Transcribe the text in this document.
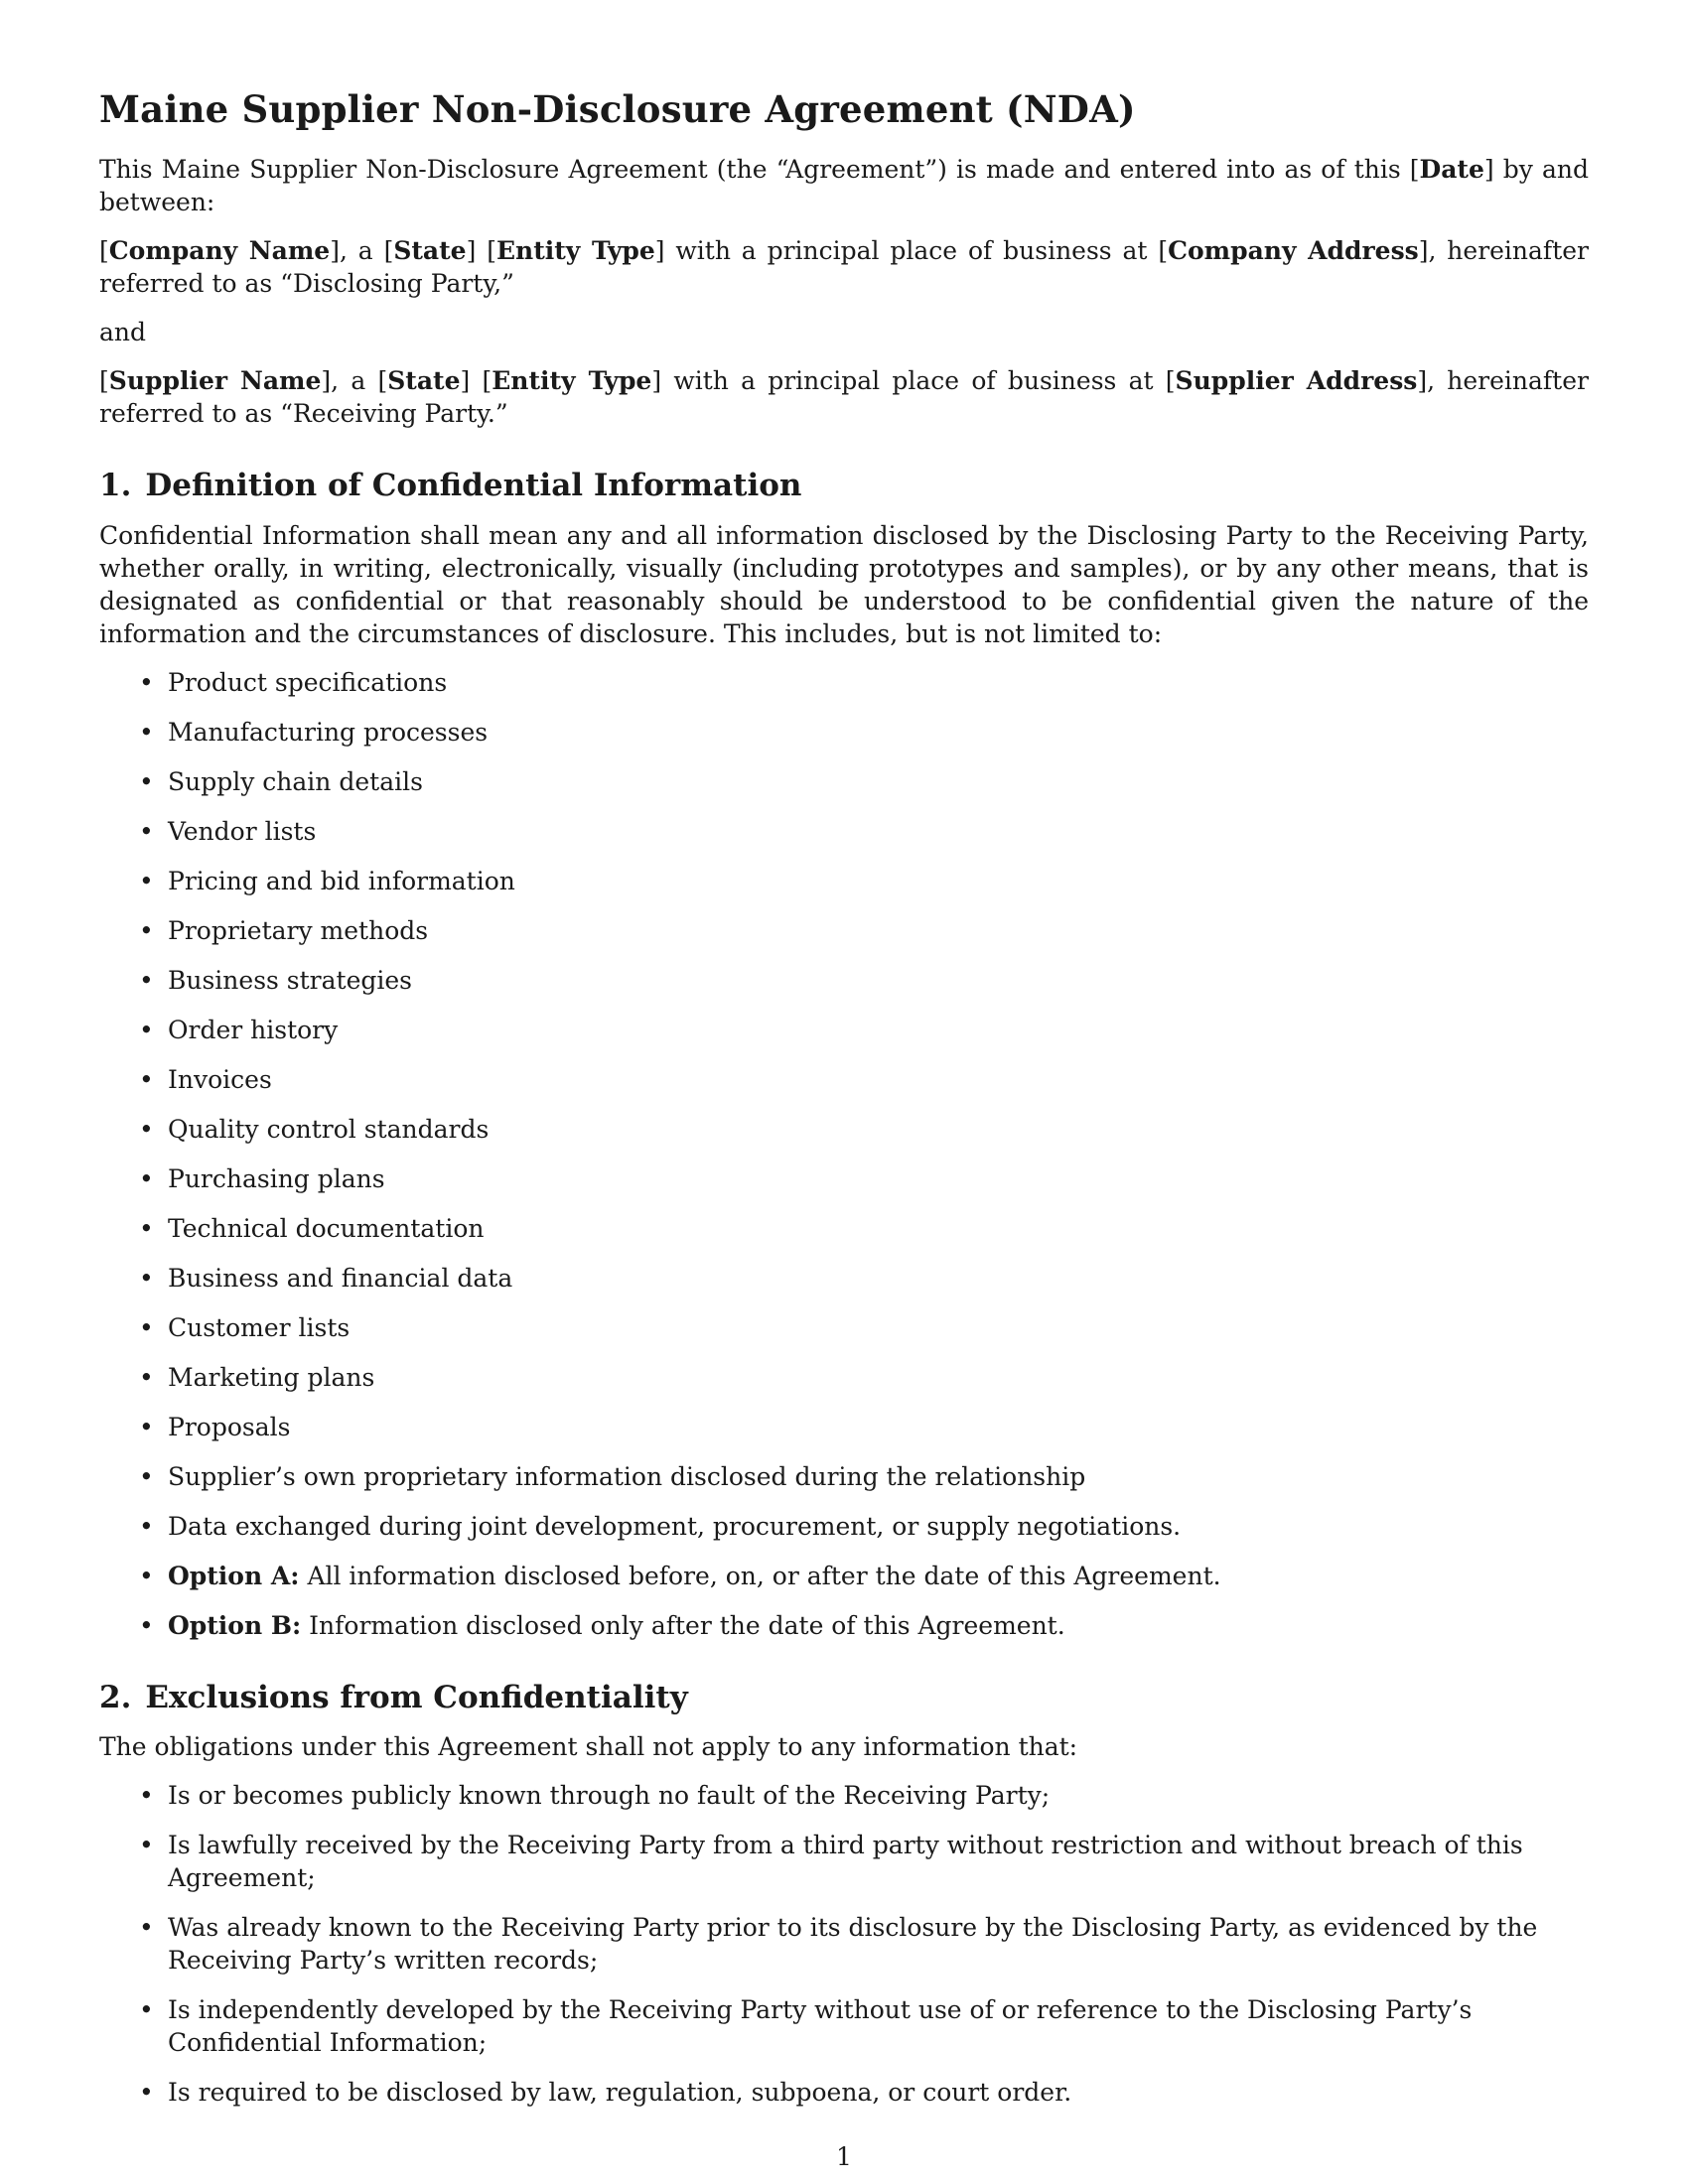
Maine Supplier Non-Disclosure Agreement (NDA)

This Maine Supplier Non-Disclosure Agreement (the “Agreement”) is made and entered into as of this [Date] by and between:

[Company Name], a [State] [Entity Type] with a principal place of business at [Company Address], hereinafter referred to as “Disclosing Party,”

and

[Supplier Name], a [State] [Entity Type] with a principal place of business at [Supplier Address], hereinafter referred to as “Receiving Party.”

1. Definition of Confidential Information

Confidential Information shall mean any and all information disclosed by the Disclosing Party to the Receiving Party, whether orally, in writing, electronically, visually (including prototypes and samples), or by any other means, that is designated as confidential or that reasonably should be understood to be confidential given the nature of the information and the circumstances of disclosure. This includes, but is not limited to:

• Product specifications
• Manufacturing processes
• Supply chain details
• Vendor lists
• Pricing and bid information
• Proprietary methods
• Business strategies
• Order history
• Invoices
• Quality control standards
• Purchasing plans
• Technical documentation
• Business and financial data
• Customer lists
• Marketing plans
• Proposals
• Supplier’s own proprietary information disclosed during the relationship
• Data exchanged during joint development, procurement, or supply negotiations.
• Option A: All information disclosed before, on, or after the date of this Agreement.
• Option B: Information disclosed only after the date of this Agreement.
2. Exclusions from Confidentiality

The obligations under this Agreement shall not apply to any information that:

• Is or becomes publicly known through no fault of the Receiving Party;
• Is lawfully received by the Receiving Party from a third party without restriction and without breach of this Agreement;
• Was already known to the Receiving Party prior to its disclosure by the Disclosing Party, as evidenced by the Receiving Party’s written records;
• Is independently developed by the Receiving Party without use of or reference to the Disclosing Party’s Confidential Information;
• Is required to be disclosed by law, regulation, subpoena, or court order.
1
